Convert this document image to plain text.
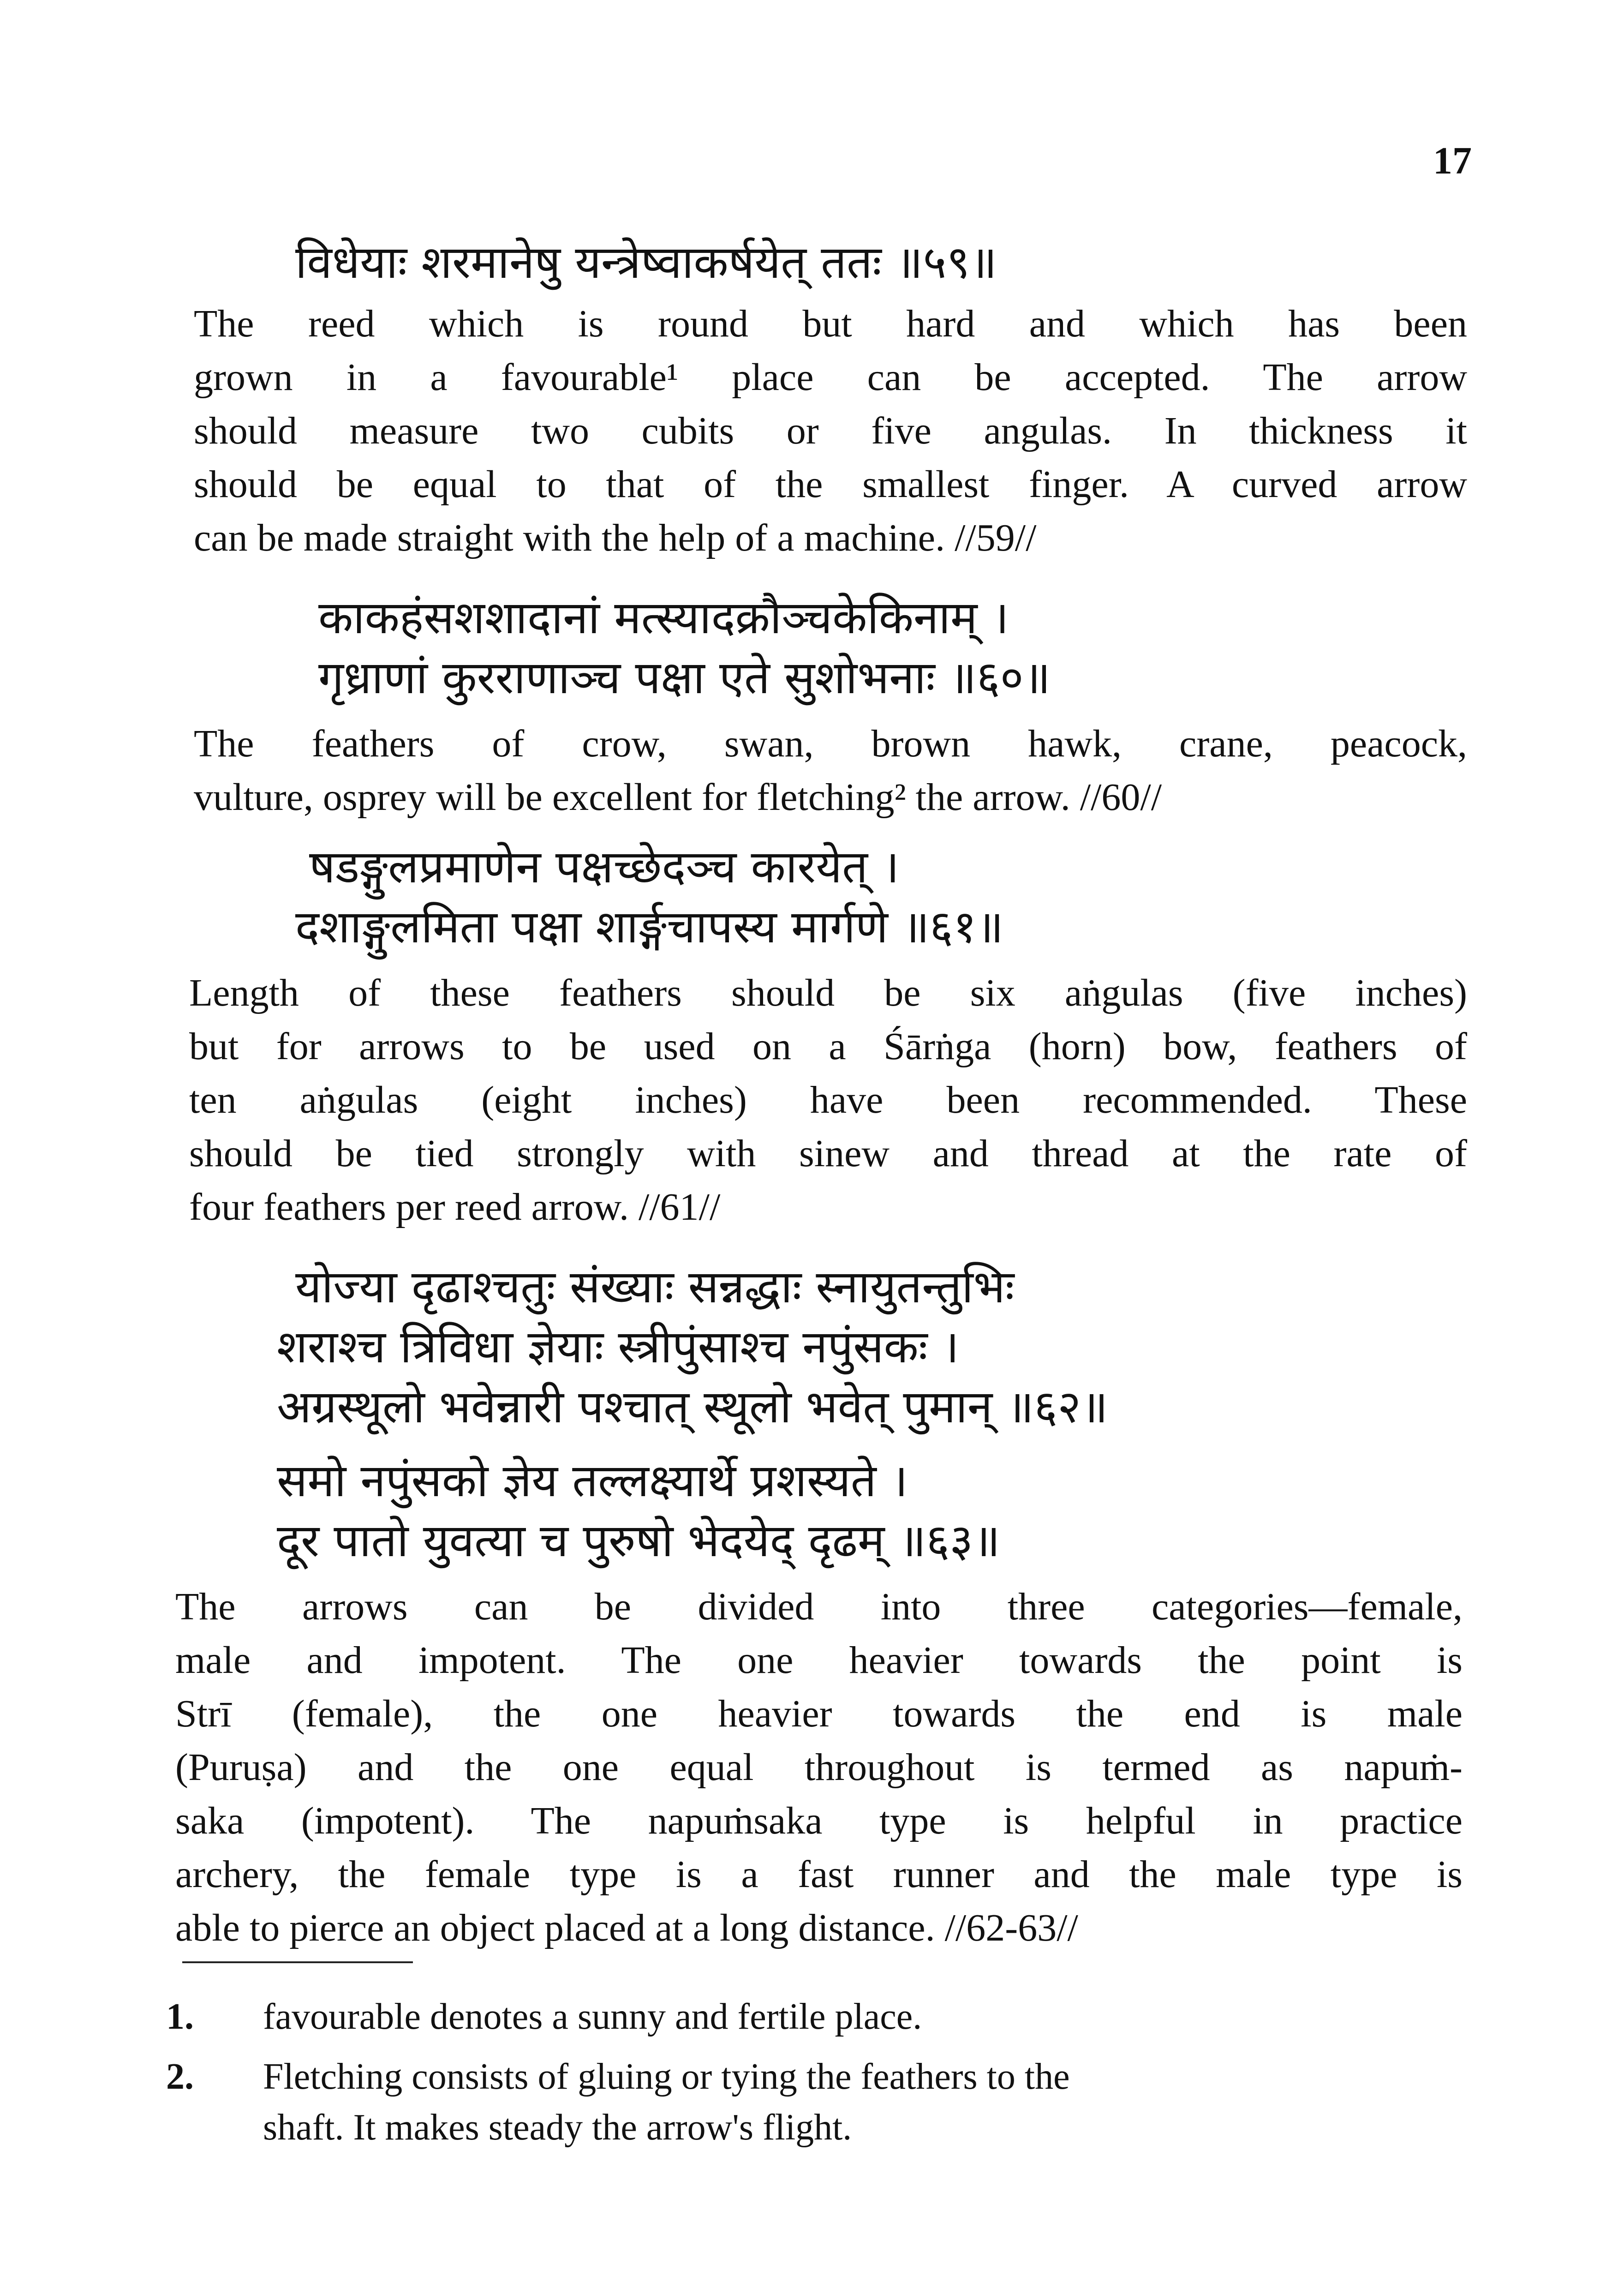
17
विधेयाः शरमानेषु यन्त्रेष्वाकर्षयेत् ततः ॥५९॥
The reed which is round but hard and which has been
grown in a favourable¹ place can be accepted. The arrow
should measure two cubits or five angulas. In thickness it
should be equal to that of the smallest finger. A curved arrow
can be made straight with the help of a machine. //59//
काकहंसशशादानां मत्स्यादक्रौञ्चकेकिनाम् ।
गृध्राणां कुरराणाञ्च पक्षा एते सुशोभनाः ॥६०॥
The feathers of crow, swan, brown hawk, crane, peacock,
vulture, osprey will be excellent for fletching² the arrow. //60//
षडङ्गुलप्रमाणेन पक्षच्छेदञ्च कारयेत् ।
दशाङ्गुलमिता पक्षा शार्ङ्गचापस्य मार्गणे ॥६१॥
Length of these feathers should be six aṅgulas (five inches)
but for arrows to be used on a Śārṅga (horn) bow, feathers of
ten aṅgulas (eight inches) have been recommended. These
should be tied strongly with sinew and thread at the rate of
four feathers per reed arrow. //61//
योज्या दृढाश्चतुः संख्याः सन्नद्धाः स्नायुतन्तुभिः
शराश्च त्रिविधा ज्ञेयाः स्त्रीपुंसाश्च नपुंसकः ।
अग्रस्थूलो भवेन्नारी पश्चात् स्थूलो भवेत् पुमान् ॥६२॥
समो नपुंसको ज्ञेय तल्लक्ष्यार्थे प्रशस्यते ।
दूर पातो युवत्या च पुरुषो भेदयेद् दृढम् ॥६३॥
The arrows can be divided into three categories—female,
male and impotent. The one heavier towards the point is
Strī (female), the one heavier towards the end is male
(Puruṣa) and the one equal throughout is termed as napuṁ-
saka (impotent). The napuṁsaka type is helpful in practice
archery, the female type is a fast runner and the male type is
able to pierce an object placed at a long distance. //62-63//
1. favourable denotes a sunny and fertile place.
2. Fletching consists of gluing or tying the feathers to the
shaft. It makes steady the arrow's flight.
